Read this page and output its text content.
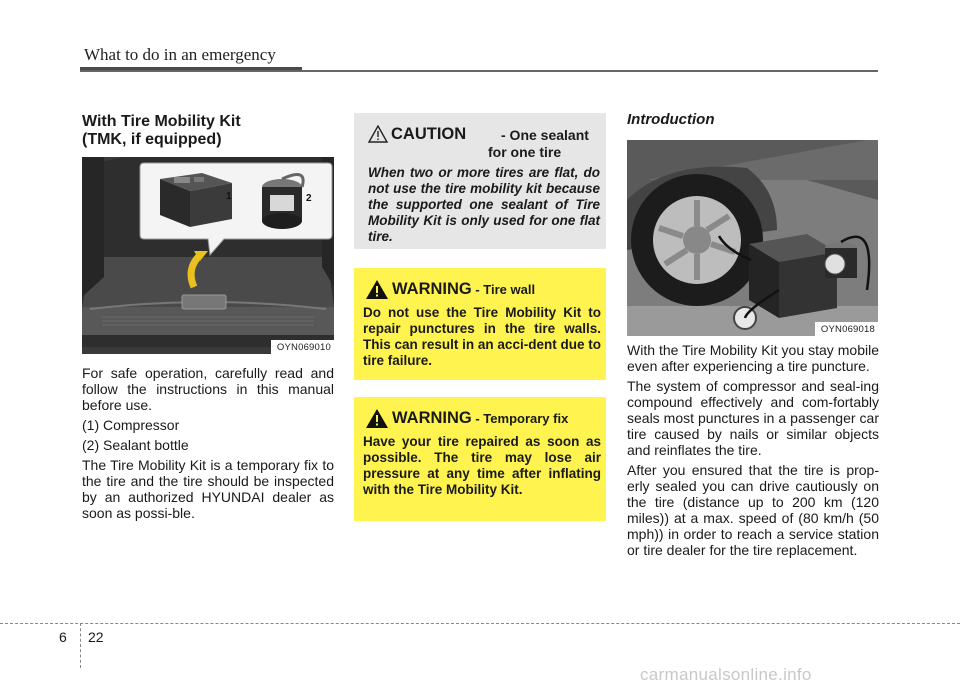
What to do in an emergency
With Tire Mobility Kit
(TMK, if equipped)
1	2
OYN069010

For safe operation, carefully read and follow the instructions in this manual before use.

(1) Compressor

(2) Sealant bottle

The Tire Mobility Kit is a temporary fix to the tire and the tire should be inspected by an authorized HYUNDAI dealer as soon as possi-ble.

CAUTION - One sealant
for one tire
When two or more tires are flat, do not use the tire mobility kit because the supported one sealant of Tire Mobility Kit is only used for one flat tire.
WARNING - Tire wall
Do not use the Tire Mobility Kit to repair punctures in the tire walls. This can result in an acci-dent due to tire failure.
WARNING - Temporary fix
Have your tire repaired as soon as possible. The tire may lose air pressure at any time after inflating with the Tire Mobility Kit.
Introduction
OYN069018

With the Tire Mobility Kit you stay mobile even after experiencing a tire puncture.

The system of compressor and seal-ing compound effectively and com-fortably seals most punctures in a passenger car tire caused by nails or similar objects and reinflates the tire.

After you ensured that the tire is prop-erly sealed you can drive cautiously on the tire (distance up to 200 km (120 miles)) at a max. speed of (80 km/h (50 mph)) in order to reach a service station or tire dealer for the tire replacement.

6 22
carmanualsonline.info
